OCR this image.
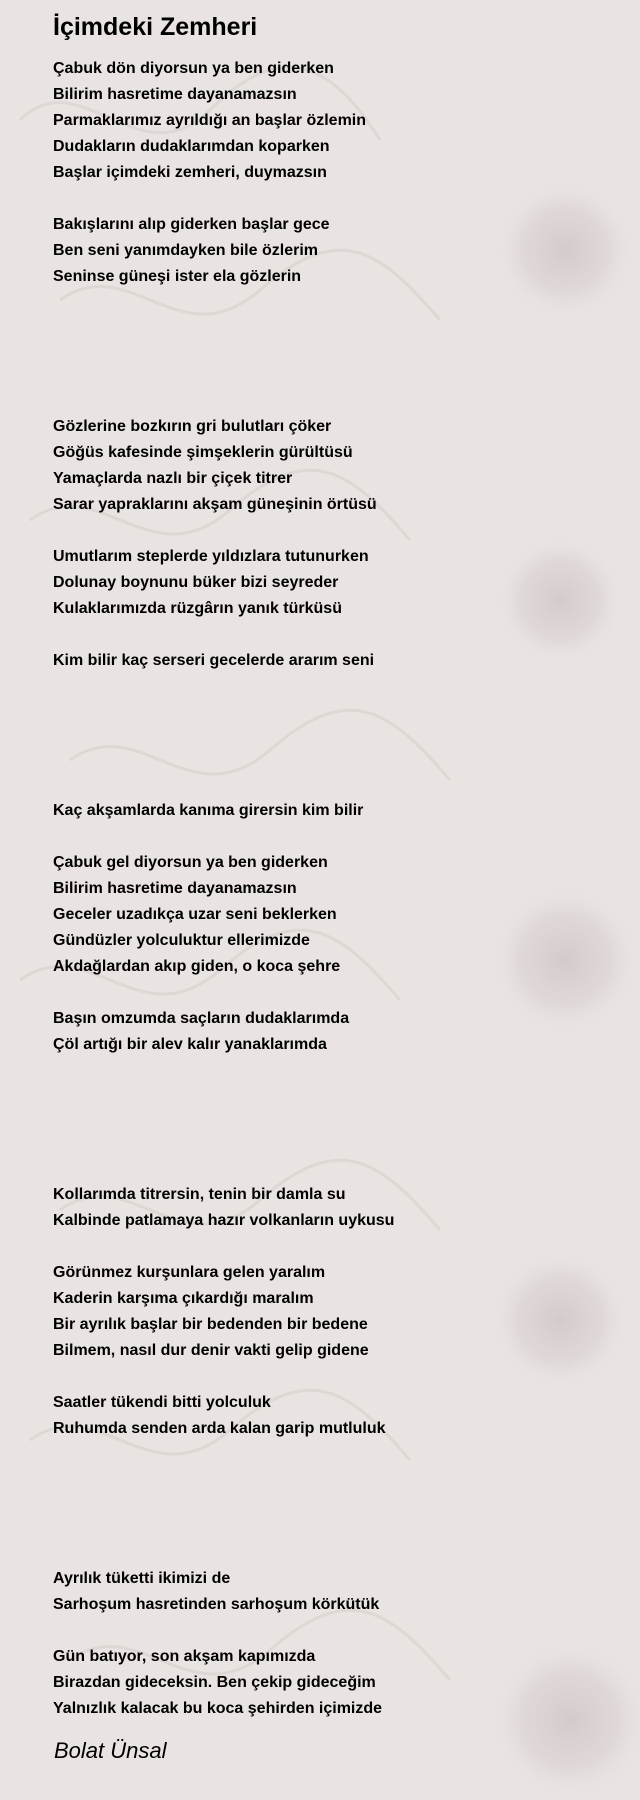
İçimdeki Zemheri
Çabuk dön diyorsun ya ben giderken
Bilirim hasretime dayanamazsın
Parmaklarımız ayrıldığı an başlar özlemin
Dudakların dudaklarımdan koparken
Başlar içimdeki zemheri, duymazsın
Bakışlarını alıp giderken başlar gece
Ben seni yanımdayken bile özlerim
Seninse güneşi ister ela gözlerin
Gözlerine bozkırın gri bulutları çöker
Göğüs kafesinde şimşeklerin gürültüsü
Yamaçlarda nazlı bir çiçek titrer
Sarar yapraklarını akşam güneşinin örtüsü
Umutlarım steplerde yıldızlara tutunurken
Dolunay boynunu büker bizi seyreder
Kulaklarımızda rüzgârın yanık türküsü
Kim bilir kaç serseri gecelerde ararım seni
Kaç akşamlarda kanıma girersin kim bilir
Çabuk gel diyorsun ya ben giderken
Bilirim hasretime dayanamazsın
Geceler uzadıkça uzar seni beklerken
Gündüzler yolculuktur ellerimizde
Akdağlardan akıp giden, o koca şehre
Başın omzumda saçların dudaklarımda
Çöl artığı bir alev kalır yanaklarımda
Kollarımda titrersin, tenin bir damla su
Kalbinde patlamaya hazır volkanların uykusu
Görünmez kurşunlara gelen yaralım
Kaderin karşıma çıkardığı maralım
Bir ayrılık başlar bir bedenden bir bedene
Bilmem, nasıl dur denir vakti gelip gidene
Saatler tükendi bitti yolculuk
Ruhumda senden arda kalan garip mutluluk
Ayrılık tüketti ikimizi de
Sarhoşum hasretinden sarhoşum körkütük
Gün batıyor, son akşam kapımızda
Birazdan gideceksin. Ben çekip gideceğim
Yalnızlık kalacak bu koca şehirden içimizde
Bolat Ünsal
